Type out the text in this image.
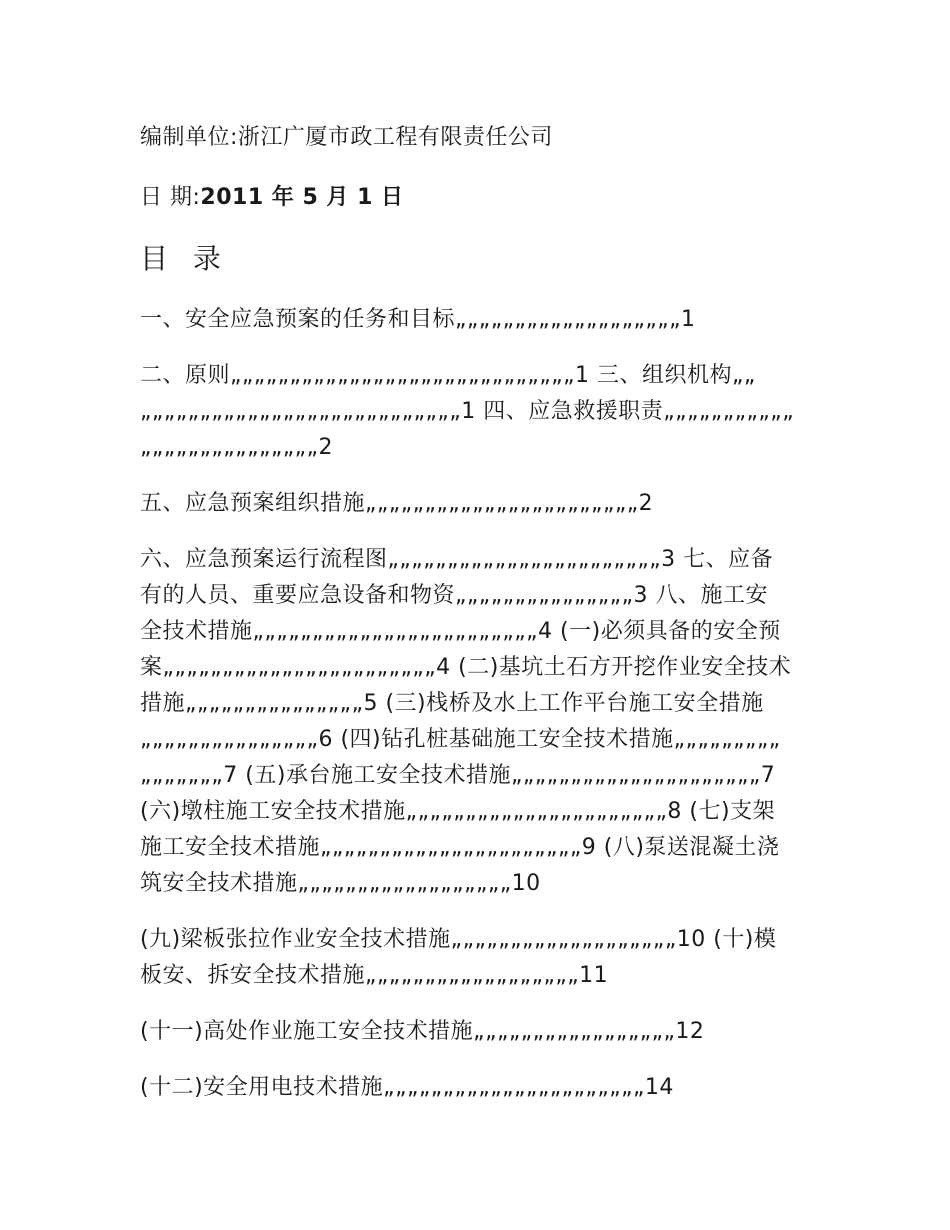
编制单位:浙江广厦市政工程有限责任公司
日 期:2011 年 5 月 1 日
目 录
一、安全应急预案的任务和目标„„„„„„„„„„„„„„„„„„„1
二、原则„„„„„„„„„„„„„„„„„„„„„„„„„„„„„1 三、组织机构„„
„„„„„„„„„„„„„„„„„„„„„„„„„„„1 四、应急救援职责„„„„„„„„„„„
„„„„„„„„„„„„„„„2
五、应急预案组织措施„„„„„„„„„„„„„„„„„„„„„„„2
六、应急预案运行流程图„„„„„„„„„„„„„„„„„„„„„„„3 七、应备
有的人员、重要应急设备和物资„„„„„„„„„„„„„„„3 八、施工安
全技术措施„„„„„„„„„„„„„„„„„„„„„„„„4 (一)必须具备的安全预
案„„„„„„„„„„„„„„„„„„„„„„„4 (二)基坑土石方开挖作业安全技术
措施„„„„„„„„„„„„„„„5 (三)栈桥及水上工作平台施工安全措施
„„„„„„„„„„„„„„„6 (四)钻孔桩基础施工安全技术措施„„„„„„„„„
„„„„„„„7 (五)承台施工安全技术措施„„„„„„„„„„„„„„„„„„„„„7
(六)墩柱施工安全技术措施„„„„„„„„„„„„„„„„„„„„„„8 (七)支架
施工安全技术措施„„„„„„„„„„„„„„„„„„„„„„9 (八)泵送混凝土浇
筑安全技术措施„„„„„„„„„„„„„„„„„„10
(九)梁板张拉作业安全技术措施„„„„„„„„„„„„„„„„„„„10 (十)模
板安、拆安全技术措施„„„„„„„„„„„„„„„„„„11
(十一)高处作业施工安全技术措施„„„„„„„„„„„„„„„„„12
(十二)安全用电技术措施„„„„„„„„„„„„„„„„„„„„„„14
